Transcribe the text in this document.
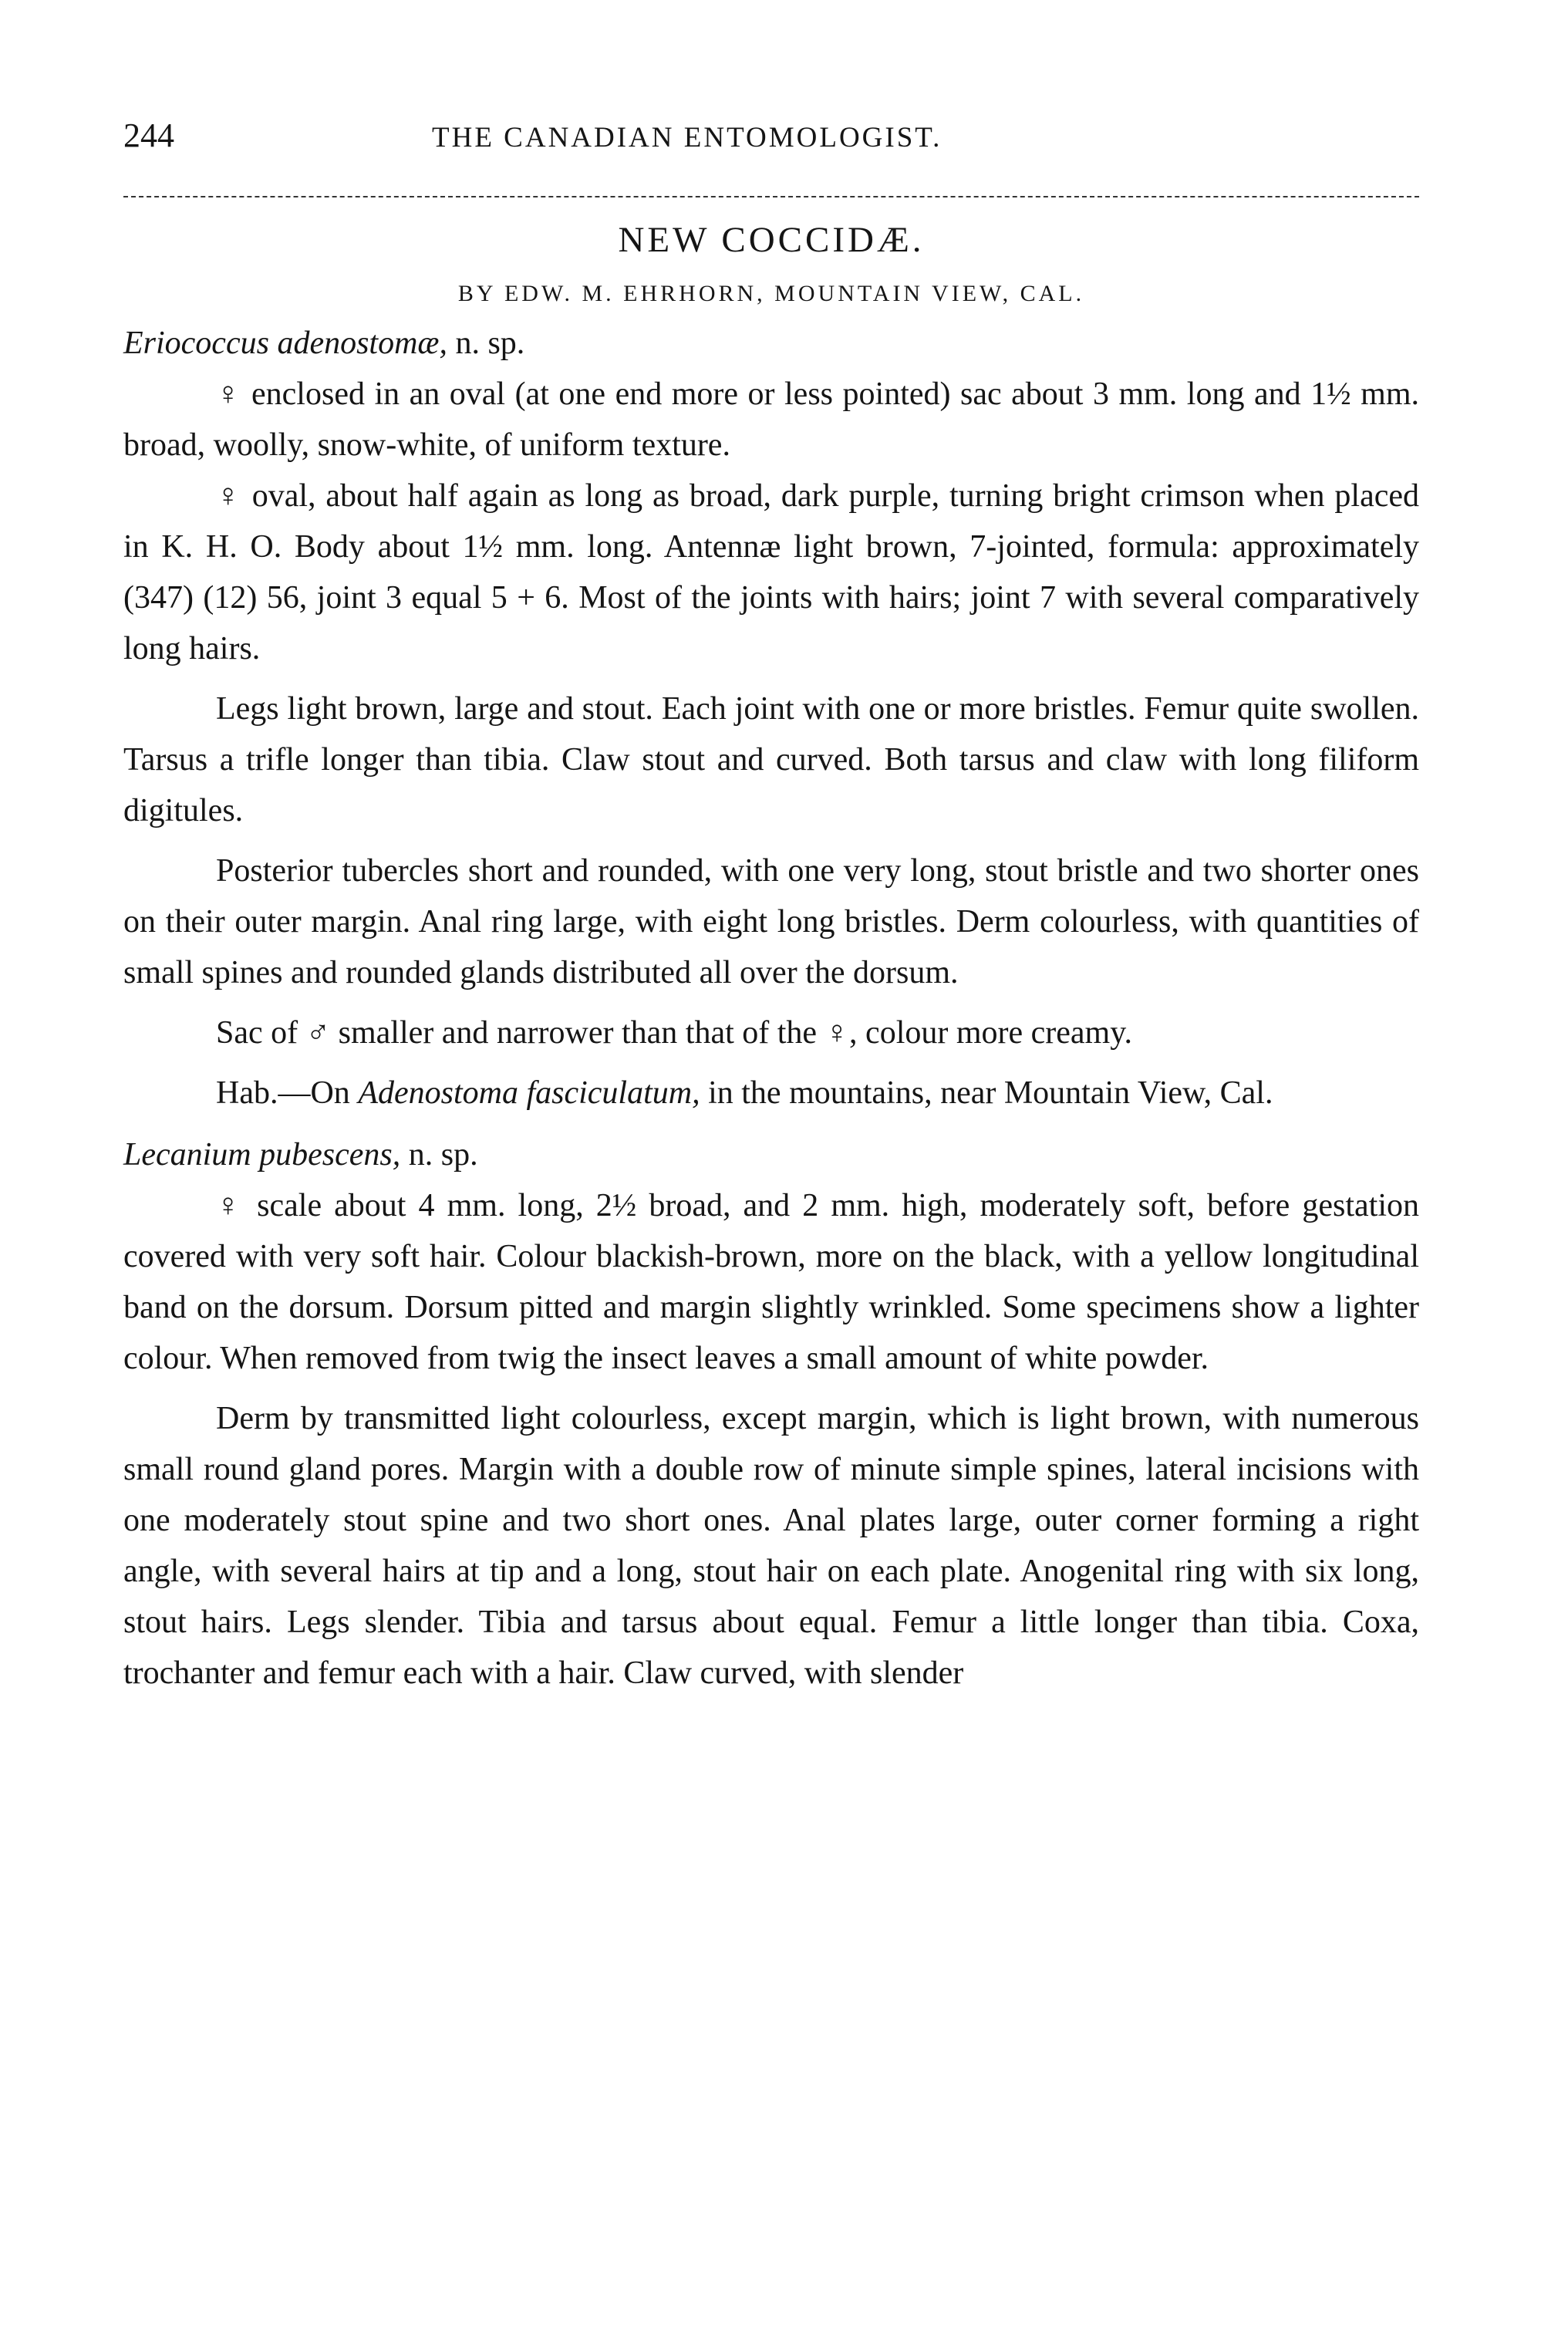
244	THE CANADIAN ENTOMOLOGIST.
NEW COCCIDÆ.
BY EDW. M. EHRHORN, MOUNTAIN VIEW, CAL.
Eriococcus adenostomæ, n. sp.

♀ enclosed in an oval (at one end more or less pointed) sac about 3 mm. long and 1½ mm. broad, woolly, snow-white, of uniform texture.

♀ oval, about half again as long as broad, dark purple, turning bright crimson when placed in K. H. O. Body about 1½ mm. long. Antennæ light brown, 7-jointed, formula: approximately (347) (12) 56, joint 3 equal 5 + 6. Most of the joints with hairs; joint 7 with several comparatively long hairs.

Legs light brown, large and stout. Each joint with one or more bristles. Femur quite swollen. Tarsus a trifle longer than tibia. Claw stout and curved. Both tarsus and claw with long filiform digitules.

Posterior tubercles short and rounded, with one very long, stout bristle and two shorter ones on their outer margin. Anal ring large, with eight long bristles. Derm colourless, with quantities of small spines and rounded glands distributed all over the dorsum.

Sac of ♂ smaller and narrower than that of the ♀, colour more creamy.

Hab.—On Adenostoma fasciculatum, in the mountains, near Mountain View, Cal.

Lecanium pubescens, n. sp.

♀ scale about 4 mm. long, 2½ broad, and 2 mm. high, moderately soft, before gestation covered with very soft hair. Colour blackish-brown, more on the black, with a yellow longitudinal band on the dorsum. Dorsum pitted and margin slightly wrinkled. Some specimens show a lighter colour. When removed from twig the insect leaves a small amount of white powder.

Derm by transmitted light colourless, except margin, which is light brown, with numerous small round gland pores. Margin with a double row of minute simple spines, lateral incisions with one moderately stout spine and two short ones. Anal plates large, outer corner forming a right angle, with several hairs at tip and a long, stout hair on each plate. Anogenital ring with six long, stout hairs. Legs slender. Tibia and tarsus about equal. Femur a little longer than tibia. Coxa, trochanter and femur each with a hair. Claw curved, with slender
